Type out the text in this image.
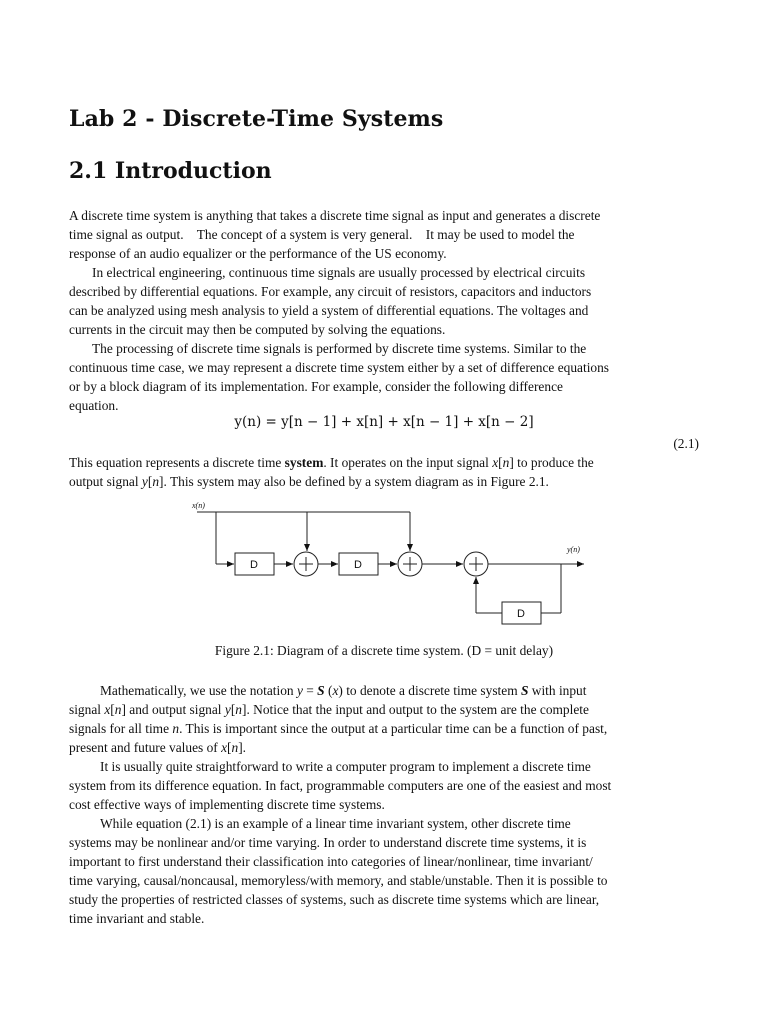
Lab 2 - Discrete-Time Systems
2.1 Introduction
A discrete time system is anything that takes a discrete time signal as input and generates a discrete
time signal as output.    The concept of a system is very general.    It may be used to model the
response of an audio equalizer or the performance of the US economy.
In electrical engineering, continuous time signals are usually processed by electrical circuits
described by differential equations. For example, any circuit of resistors, capacitors and inductors
can be analyzed using mesh analysis to yield a system of differential equations. The voltages and
currents in the circuit may then be computed by solving the equations.
The processing of discrete time signals is performed by discrete time systems. Similar to the
continuous time case, we may represent a discrete time system either by a set of difference equations
or by a block diagram of its implementation. For example, consider the following difference
equation.
y(n) = y[n − 1] + x[n] + x[n − 1] + x[n − 2]
(2.1)
This equation represents a discrete time system. It operates on the input signal x[n] to produce the
output signal y[n]. This system may also be defined by a system diagram as in Figure 2.1.
x(n)
y(n)
D	D
D
Figure 2.1: Diagram of a discrete time system. (D = unit delay)
Mathematically, we use the notation y = S (x) to denote a discrete time system S with input
signal x[n] and output signal y[n]. Notice that the input and output to the system are the complete
signals for all time n. This is important since the output at a particular time can be a function of past,
present and future values of x[n].
It is usually quite straightforward to write a computer program to implement a discrete time
system from its difference equation. In fact, programmable computers are one of the easiest and most
cost effective ways of implementing discrete time systems.
While equation (2.1) is an example of a linear time invariant system, other discrete time
systems may be nonlinear and/or time varying. In order to understand discrete time systems, it is
important to first understand their classification into categories of linear/nonlinear, time invariant/
time varying, causal/noncausal, memoryless/with memory, and stable/unstable. Then it is possible to
study the properties of restricted classes of systems, such as discrete time systems which are linear,
time invariant and stable.
